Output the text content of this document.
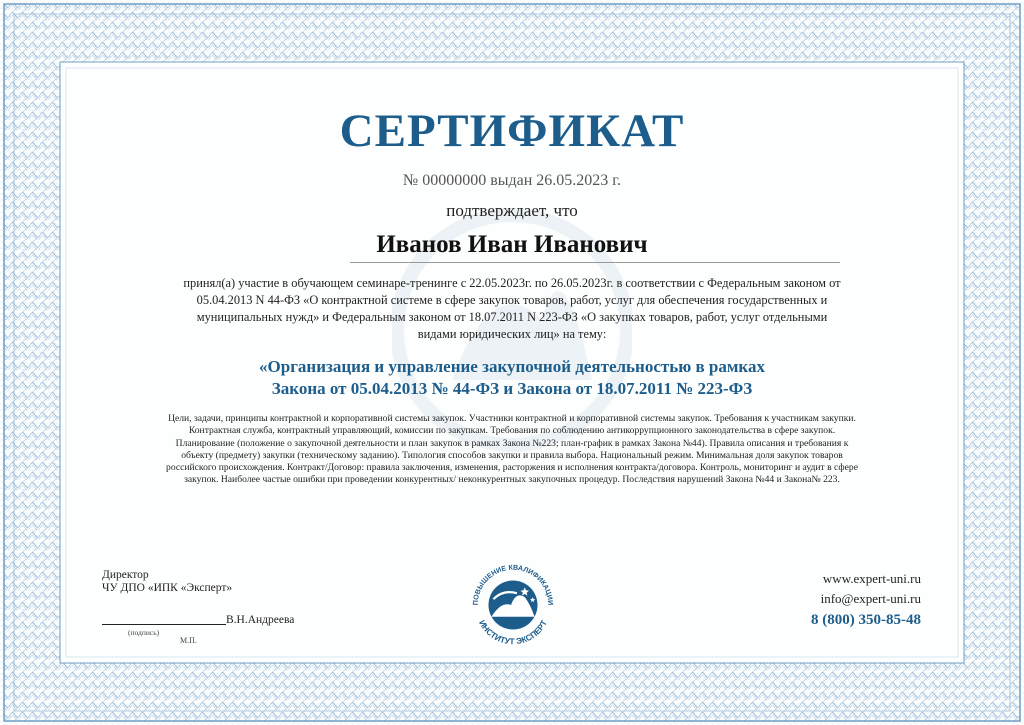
СЕРТИФИКАТ
№ 00000000 выдан 26.05.2023 г.
подтверждает, что
Иванов Иван Иванович
принял(а) участие в обучающем семинаре-тренинге с 22.05.2023г. по 26.05.2023г. в соответствии с Федеральным законом от 05.04.2013 N 44-ФЗ «О контрактной системе в сфере закупок товаров, работ, услуг для обеспечения государственных и муниципальных нужд» и Федеральным законом от 18.07.2011 N 223-ФЗ «О закупках товаров, работ, услуг отдельными видами юридических лиц» на тему:
«Организация и управление закупочной деятельностью в рамках
Закона от 05.04.2013 № 44-ФЗ и Закона от 18.07.2011 № 223-ФЗ
Цели, задачи, принципы контрактной и корпоративной системы закупок. Участники контрактной и корпоративной системы закупок. Требования к участникам закупки. Контрактная служба, контрактный управляющий, комиссии по закупкам. Требования по соблюдению антикоррупционного законодательства в сфере закупок. Планирование (положение о закупочной деятельности и план закупок в рамках Закона №223; план-график в рамках Закона №44). Правила описания и требования к объекту (предмету) закупки (техническому заданию). Типология способов закупки и правила выбора. Национальный режим. Минимальная доля закупок товаров российского происхождения. Контракт/Договор: правила заключения, изменения, расторжения и исполнения контракта/договора. Контроль, мониторинг и аудит в сфере закупок. Наиболее частые ошибки при проведении конкурентных/ неконкурентных закупочных процедур. Последствия нарушений Закона №44 и Закона№ 223.
Директор
ЧУ ДПО «ИПК «Эксперт»
В.Н.Андреева
(подпись)
М.П.
ПОВЫШЕНИЕ КВАЛИФИКАЦИИ
ИНСТИТУТ ЭКСПЕРТ
www.expert-uni.ru
info@expert-uni.ru
8 (800) 350-85-48
